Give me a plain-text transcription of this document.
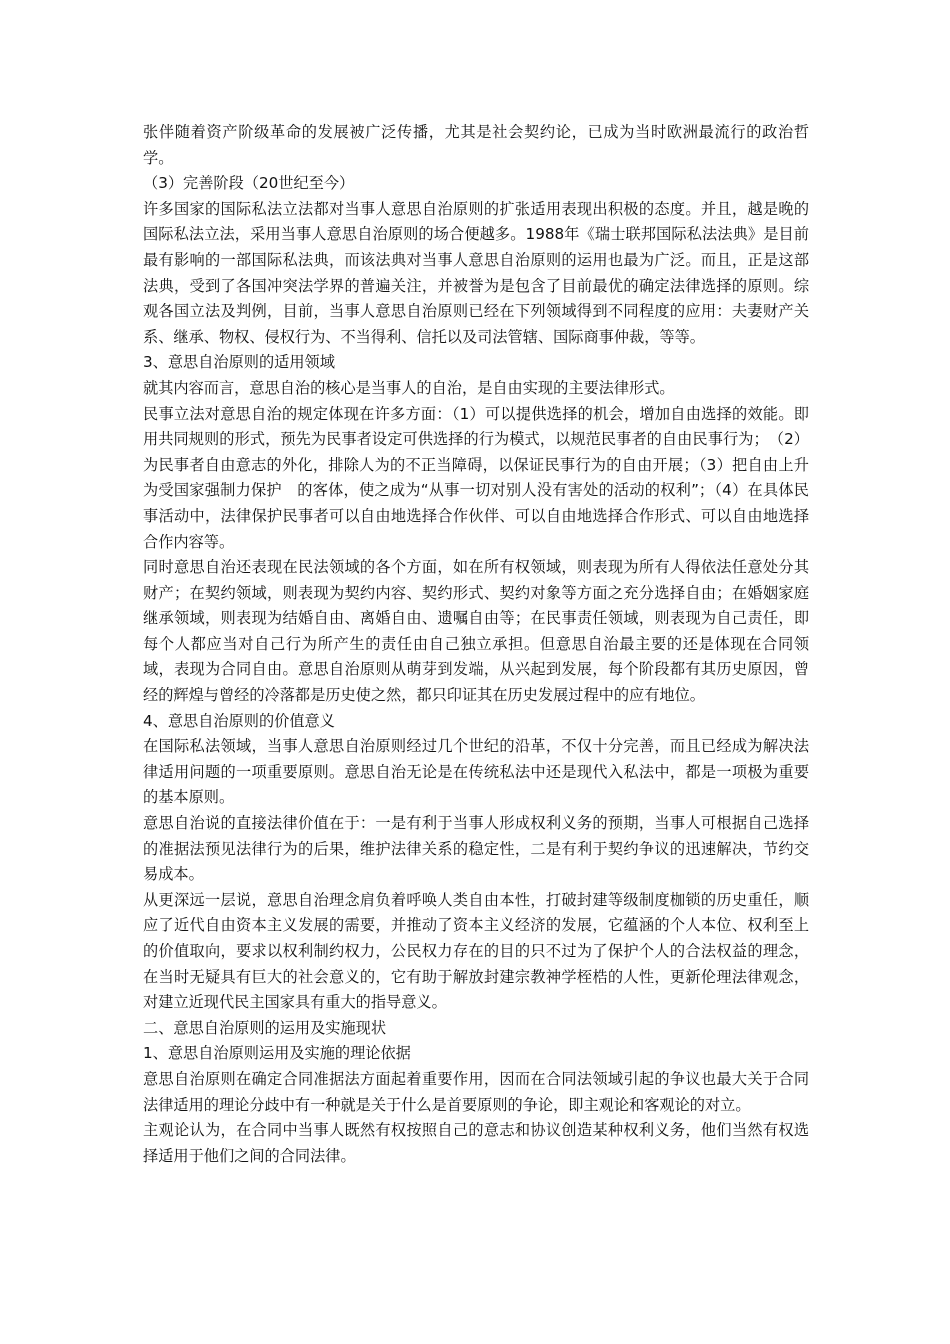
张伴随着资产阶级革命的发展被广泛传播，尤其是社会契约论，已成为当时欧洲最流行的政治哲学。

（3）完善阶段（20世纪至今）

许多国家的国际私法立法都对当事人意思自治原则的扩张适用表现出积极的态度。并且，越是晚的国际私法立法，采用当事人意思自治原则的场合便越多。1988年《瑞士联邦国际私法法典》是目前最有影响的一部国际私法典，而该法典对当事人意思自治原则的运用也最为广泛。而且，正是这部法典，受到了各国冲突法学界的普遍关注，并被誉为是包含了目前最优的确定法律选择的原则。综观各国立法及判例，目前，当事人意思自治原则已经在下列领域得到不同程度的应用：夫妻财产关系、继承、物权、侵权行为、不当得利、信托以及司法管辖、国际商事仲裁，等等。

3、意思自治原则的适用领域

就其内容而言，意思自治的核心是当事人的自治，是自由实现的主要法律形式。

民事立法对意思自治的规定体现在许多方面：（1）可以提供选择的机会，增加自由选择的效能。即用共同规则的形式，预先为民事者设定可供选择的行为模式，以规范民事者的自由民事行为；　（2）为民事者自由意志的外化，排除人为的不正当障碍，以保证民事行为的自由开展；（3）把自由上升为受国家强制力保护　的客体，使之成为“从事一切对别人没有害处的活动的权利”；（4）在具体民事活动中，法律保护民事者可以自由地选择合作伙伴、可以自由地选择合作形式、可以自由地选择合作内容等。

同时意思自治还表现在民法领域的各个方面，如在所有权领域，则表现为所有人得依法任意处分其财产；在契约领域，则表现为契约内容、契约形式、契约对象等方面之充分选择自由；在婚姻家庭继承领域，则表现为结婚自由、离婚自由、遗嘱自由等；在民事责任领域，则表现为自己责任，即每个人都应当对自己行为所产生的责任由自己独立承担。但意思自治最主要的还是体现在合同领域，表现为合同自由。意思自治原则从萌芽到发端，从兴起到发展，每个阶段都有其历史原因，曾经的辉煌与曾经的冷落都是历史使之然，都只印证其在历史发展过程中的应有地位。

4、意思自治原则的价值意义

在国际私法领域，当事人意思自治原则经过几个世纪的沿革，不仅十分完善，而且已经成为解决法律适用问题的一项重要原则。意思自治无论是在传统私法中还是现代入私法中，都是一项极为重要的基本原则。

意思自治说的直接法律价值在于：一是有利于当事人形成权利义务的预期，当事人可根据自己选择的准据法预见法律行为的后果，维护法律关系的稳定性，二是有利于契约争议的迅速解决，节约交易成本。

从更深远一层说，意思自治理念肩负着呼唤人类自由本性，打破封建等级制度枷锁的历史重任，顺应了近代自由资本主义发展的需要，并推动了资本主义经济的发展，它蕴涵的个人本位、权利至上的价值取向，要求以权利制约权力，公民权力存在的目的只不过为了保护个人的合法权益的理念，在当时无疑具有巨大的社会意义的，它有助于解放封建宗教神学桎梏的人性，更新伦理法律观念，对建立近现代民主国家具有重大的指导意义。

二、意思自治原则的运用及实施现状

1、意思自治原则运用及实施的理论依据

意思自治原则在确定合同准据法方面起着重要作用，因而在合同法领域引起的争议也最大关于合同法律适用的理论分歧中有一种就是关于什么是首要原则的争论，即主观论和客观论的对立。

主观论认为，在合同中当事人既然有权按照自己的意志和协议创造某种权利义务，他们当然有权选择适用于他们之间的合同法律。
